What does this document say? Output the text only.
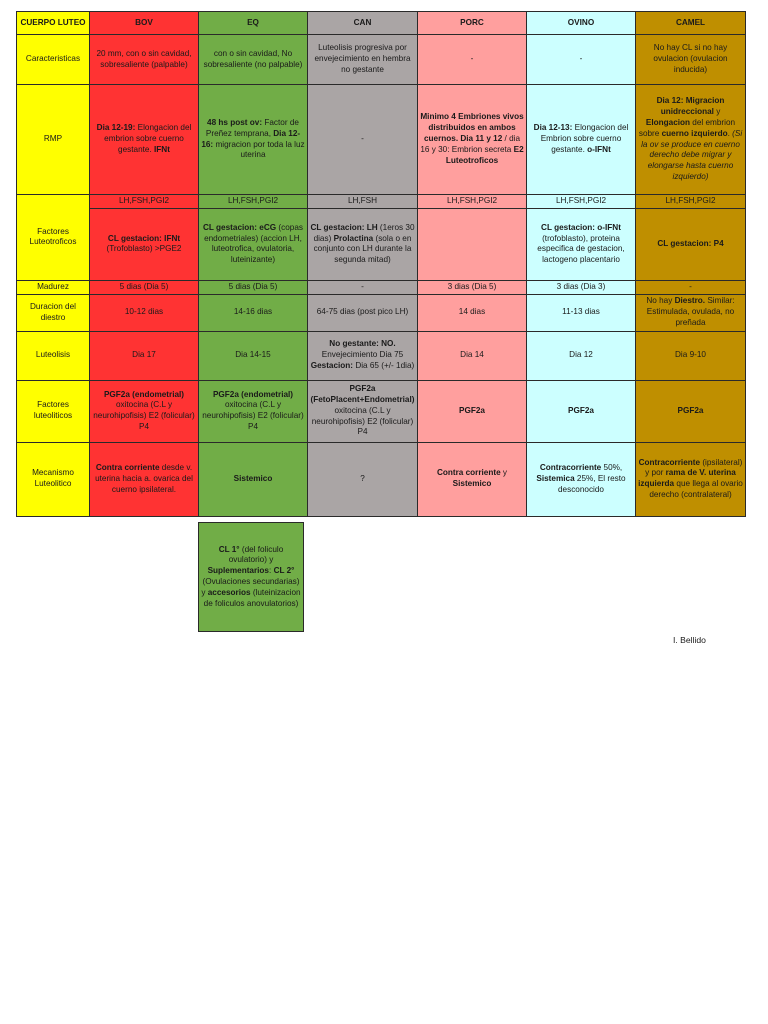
CUERPO LUTEO	BOV	EQ	CAN	PORC	OVINO	CAMEL
Caracteristicas	20 mm, con o sin cavidad, sobresaliente (palpable)	con o sin cavidad, No sobresaliente (no palpable)	Luteolisis progresiva por envejecimiento en hembra no gestante	-	-	No hay CL si no hay ovulacion (ovulacion inducida)
RMP	Dia 12-19: Elongacion del embrion sobre cuerno gestante. IFNt	48 hs post ov: Factor de Preñez temprana, Dia 12-16: migracion por toda la luz uterina	-	Minimo 4 Embriones vivos distribuidos en ambos cuernos. Dia 11 y 12 / dia 16 y 30: Embrion secreta E2 Luteotroficos	Dia 12-13: Elongacion del Embrion sobre cuerno gestante. o-IFNt	Dia 12: Migracion unidreccional y Elongacion del embrion sobre cuerno izquierdo. (Si la ov se produce en cuerno derecho debe migrar y elongarse hasta cuerno izquierdo)
Factores Luteotroficos	LH,FSH,PGI2	LH,FSH,PGI2	LH,FSH	LH,FSH,PGI2	LH,FSH,PGI2	LH,FSH,PGI2
	CL gestacion: IFNt (Trofoblasto) >PGE2	CL gestacion: eCG (copas endometriales) (accion LH, luteotrofica, ovulatoria, luteinizante)	CL gestacion: LH (1eros 30 dias) Prolactina (sola o en conjunto con LH durante la segunda mitad)		CL gestacion: o-IFNt (trofoblasto), proteina especifica de gestacion, lactogeno placentario	CL gestacion: P4
Madurez	5 dias (Dia 5)	5 dias (Dia 5)	-	3 dias (Dia 5)	3 dias (Dia 3)	-
Duracion del diestro	10-12 dias	14-16 dias	64-75 dias (post pico LH)	14 dias	11-13 dias	No hay Diestro. Similar: Estimulada, ovulada, no preñada
Luteolisis	Dia 17	Dia 14-15	No gestante: NO. Envejecimiento Dia 75 Gestacion: Dia 65 (+/- 1dia)	Dia 14	Dia 12	Dia 9-10
Factores luteoliticos	PGF2a (endometrial) oxitocina (C.L y neurohipofisis) E2 (folicular) P4	PGF2a (endometrial) oxitocina (C.L y neurohipofisis) E2 (folicular) P4	PGF2a (FetoPlacent+Endometrial) oxitocina (C.L y neurohipofisis) E2 (folicular) P4	PGF2a	PGF2a	PGF2a
Mecanismo Luteolitico	Contra corriente desde v. uterina hacia a. ovarica del cuerno ipsilateral.	Sistemico	?	Contra corriente y Sistemico	Contracorriente 50%, Sistemica 25%, El resto desconocido	Contracorriente (ipsilateral) y por rama de V. uterina izquierda que llega al ovario derecho (contralateral)
CL 1° (del foliculo ovulatorio) y Suplementarios: CL 2° (Ovulaciones secundarias) y accesorios (luteinizacion de foliculos anovulatorios)
I. Bellido
